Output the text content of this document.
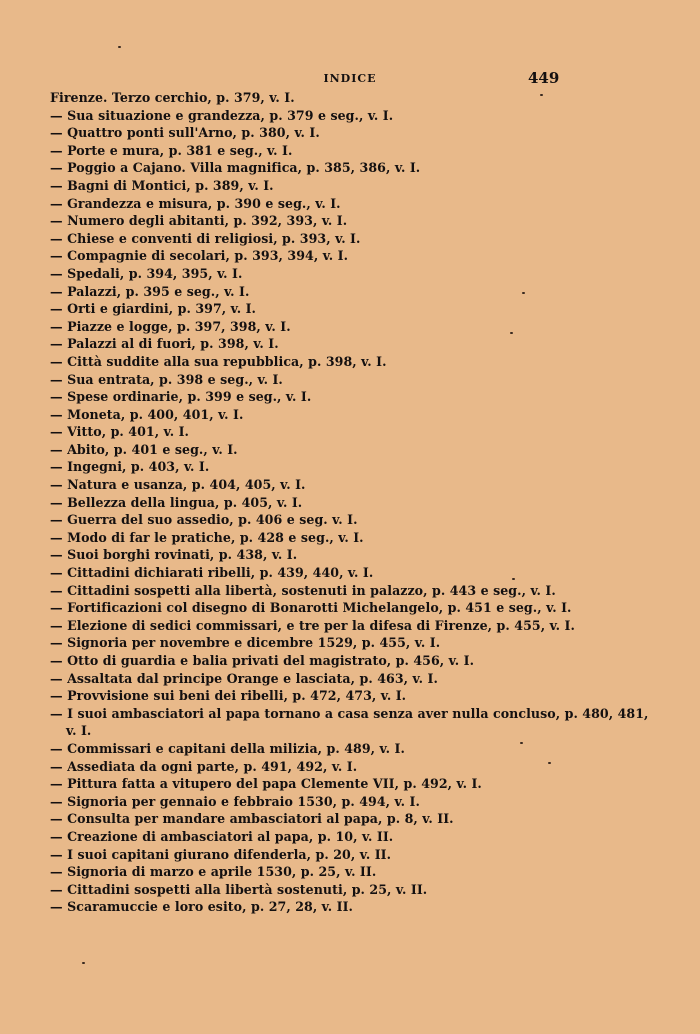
INDICE	449
Firenze. Terzo cerchio, p. 379, v. I.
— Sua situazione e grandezza, p. 379 e seg., v. I.
— Quattro ponti sull'Arno, p. 380, v. I.
— Porte e mura, p. 381 e seg., v. I.
— Poggio a Cajano. Villa magnifica, p. 385, 386, v. I.
— Bagni di Montici, p. 389, v. I.
— Grandezza e misura, p. 390 e seg., v. I.
— Numero degli abitanti, p. 392, 393, v. I.
— Chiese e conventi di religiosi, p. 393, v. I.
— Compagnie di secolari, p. 393, 394, v. I.
— Spedali, p. 394, 395, v. I.
— Palazzi, p. 395 e seg., v. I.
— Orti e giardini, p. 397, v. I.
— Piazze e logge, p. 397, 398, v. I.
— Palazzi al di fuori, p. 398, v. I.
— Città suddite alla sua repubblica, p. 398, v. I.
— Sua entrata, p. 398 e seg., v. I.
— Spese ordinarie, p. 399 e seg., v. I.
— Moneta, p. 400, 401, v. I.
— Vitto, p. 401, v. I.
— Abito, p. 401 e seg., v. I.
— Ingegni, p. 403, v. I.
— Natura e usanza, p. 404, 405, v. I.
— Bellezza della lingua, p. 405, v. I.
— Guerra del suo assedio, p. 406 e seg. v. I.
— Modo di far le pratiche, p. 428 e seg., v. I.
— Suoi borghi rovinati, p. 438, v. I.
— Cittadini dichiarati ribelli, p. 439, 440, v. I.
— Cittadini sospetti alla libertà, sostenuti in palazzo, p. 443 e seg., v. I.
— Fortificazioni col disegno di Bonarotti Michelangelo, p. 451 e seg., v. I.
— Elezione di sedici commissari, e tre per la difesa di Firenze, p. 455, v. I.
— Signoria per novembre e dicembre 1529, p. 455, v. I.
— Otto di guardia e balia privati del magistrato, p. 456, v. I.
— Assaltata dal principe Orange e lasciata, p. 463, v. I.
— Provvisione sui beni dei ribelli, p. 472, 473, v. I.
— I suoi ambasciatori al papa tornano a casa senza aver nulla concluso, p. 480, 481, v. I.
— Commissari e capitani della milizia, p. 489, v. I.
— Assediata da ogni parte, p. 491, 492, v. I.
— Pittura fatta a vitupero del papa Clemente VII, p. 492, v. I.
— Signoria per gennaio e febbraio 1530, p. 494, v. I.
— Consulta per mandare ambasciatori al papa, p. 8, v. II.
— Creazione di ambasciatori al papa, p. 10, v. II.
— I suoi capitani giurano difenderla, p. 20, v. II.
— Signoria di marzo e aprile 1530, p. 25, v. II.
— Cittadini sospetti alla libertà sostenuti, p. 25, v. II.
— Scaramuccie e loro esito, p. 27, 28, v. II.
